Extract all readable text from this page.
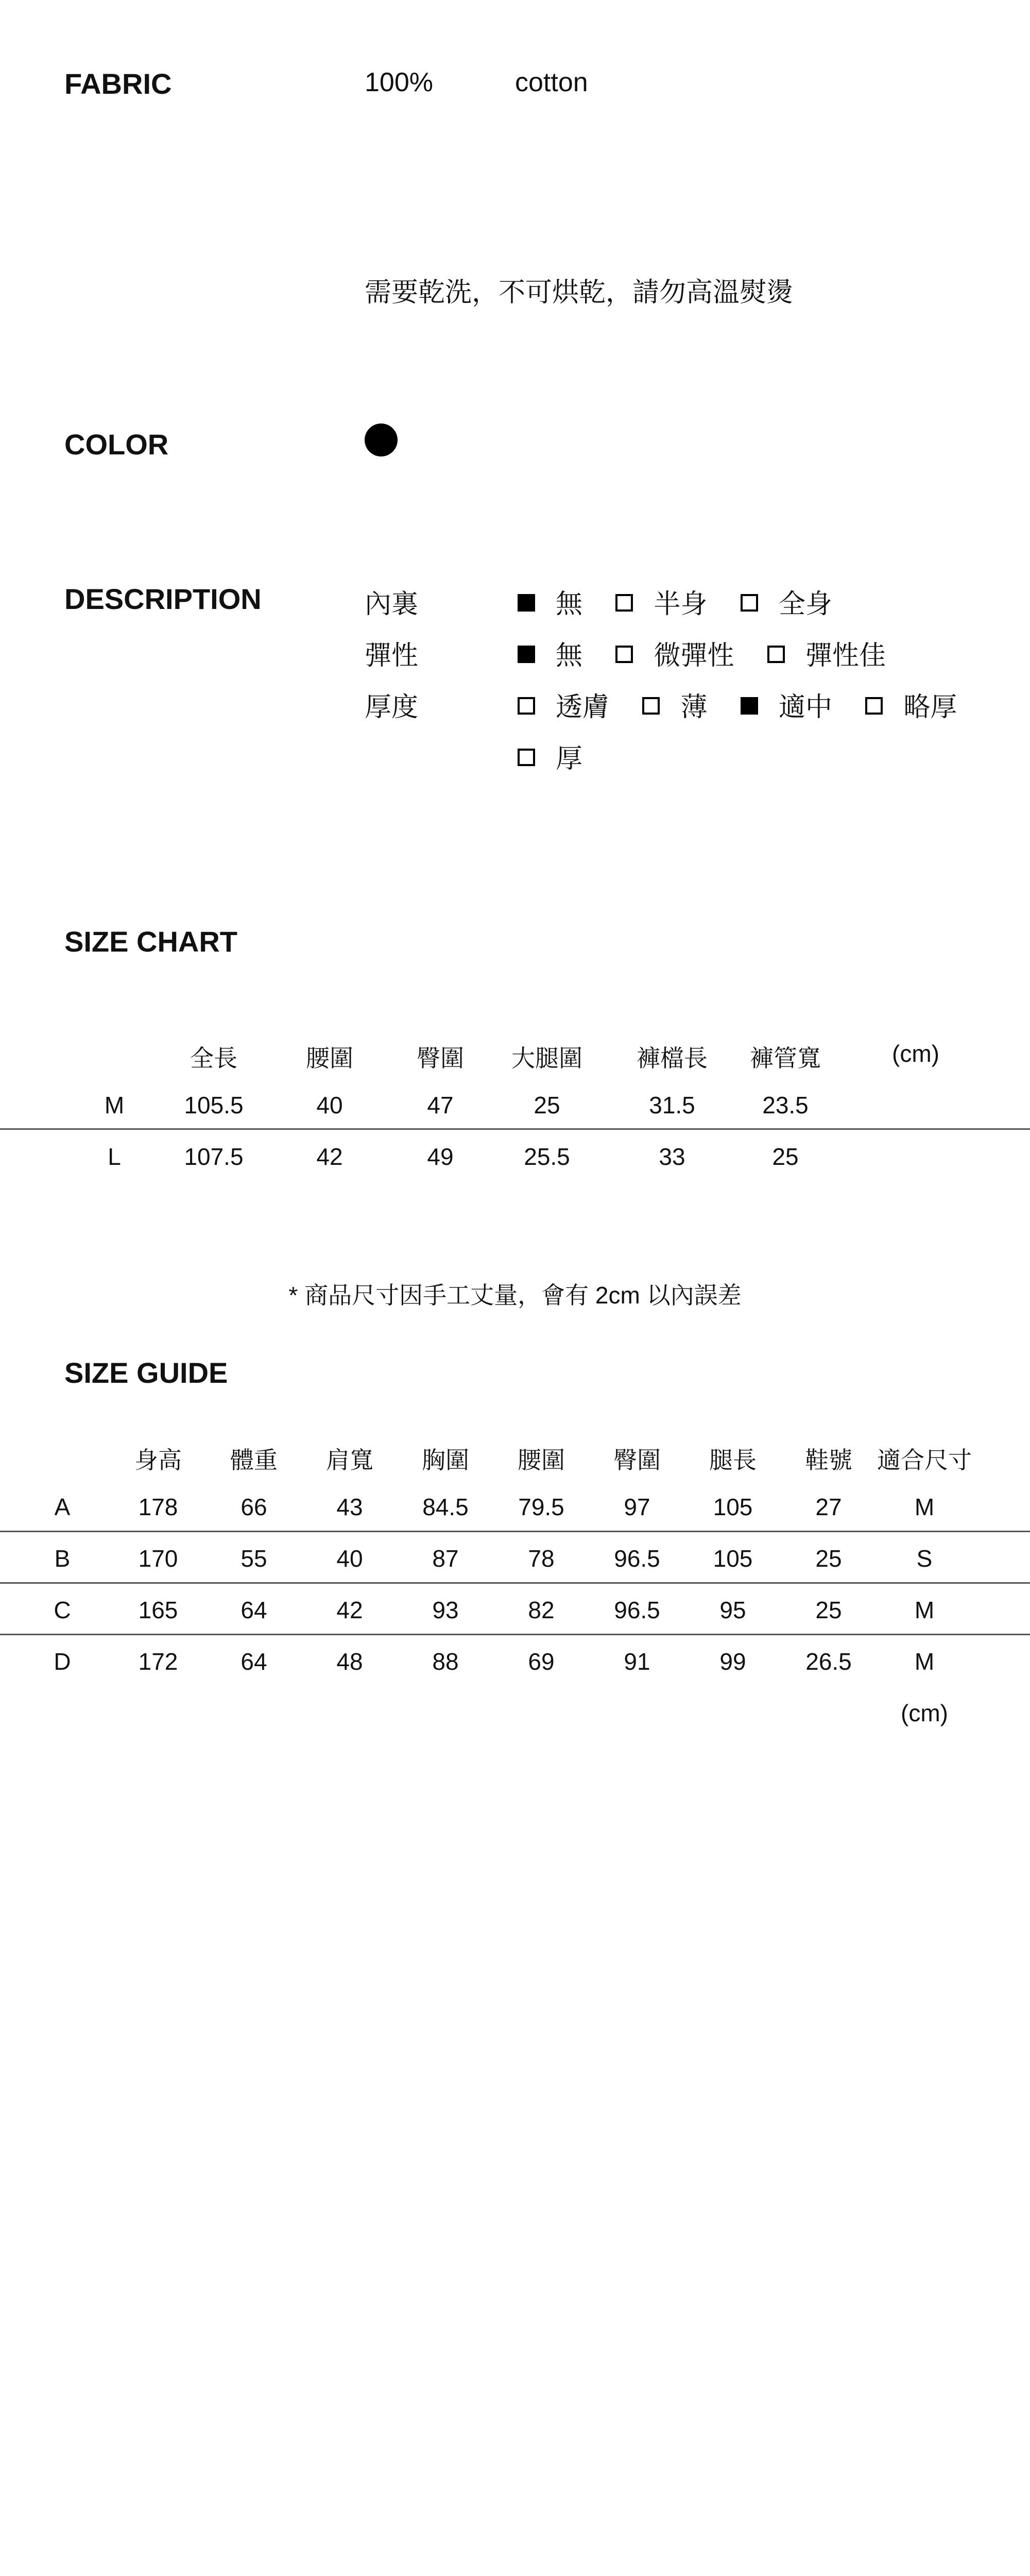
FABRIC	100%	cotton
需要乾洗，不可烘乾，請勿高溫熨燙
COLOR
DESCRIPTION	內裏	無	半身	全身
彈性	無	微彈性	彈性佳
厚度	透膚	薄	適中	略厚
厚
SIZE CHART
全長	腰圍	臀圍 大腿圍 褲檔長 褲管寬	(cm)
M	105.5	40	47	25	31.5	23.5
L	107.5	42	49	25.5	33	25
* 商品尺寸因手工丈量，會有 2cm 以內誤差
SIZE GUIDE
身高 體重 肩寬 胸圍 腰圍 臀圍 腿長 鞋號 適合尺寸
A	178	66	43	84.5 79.5	97	105	27	M
B	170	55	40	87	78	96.5 105	25	S
C	165	64	42	93	82	96.5	95	25	M
D	172	64	48	88	69	91	99	26.5	M
(cm)
